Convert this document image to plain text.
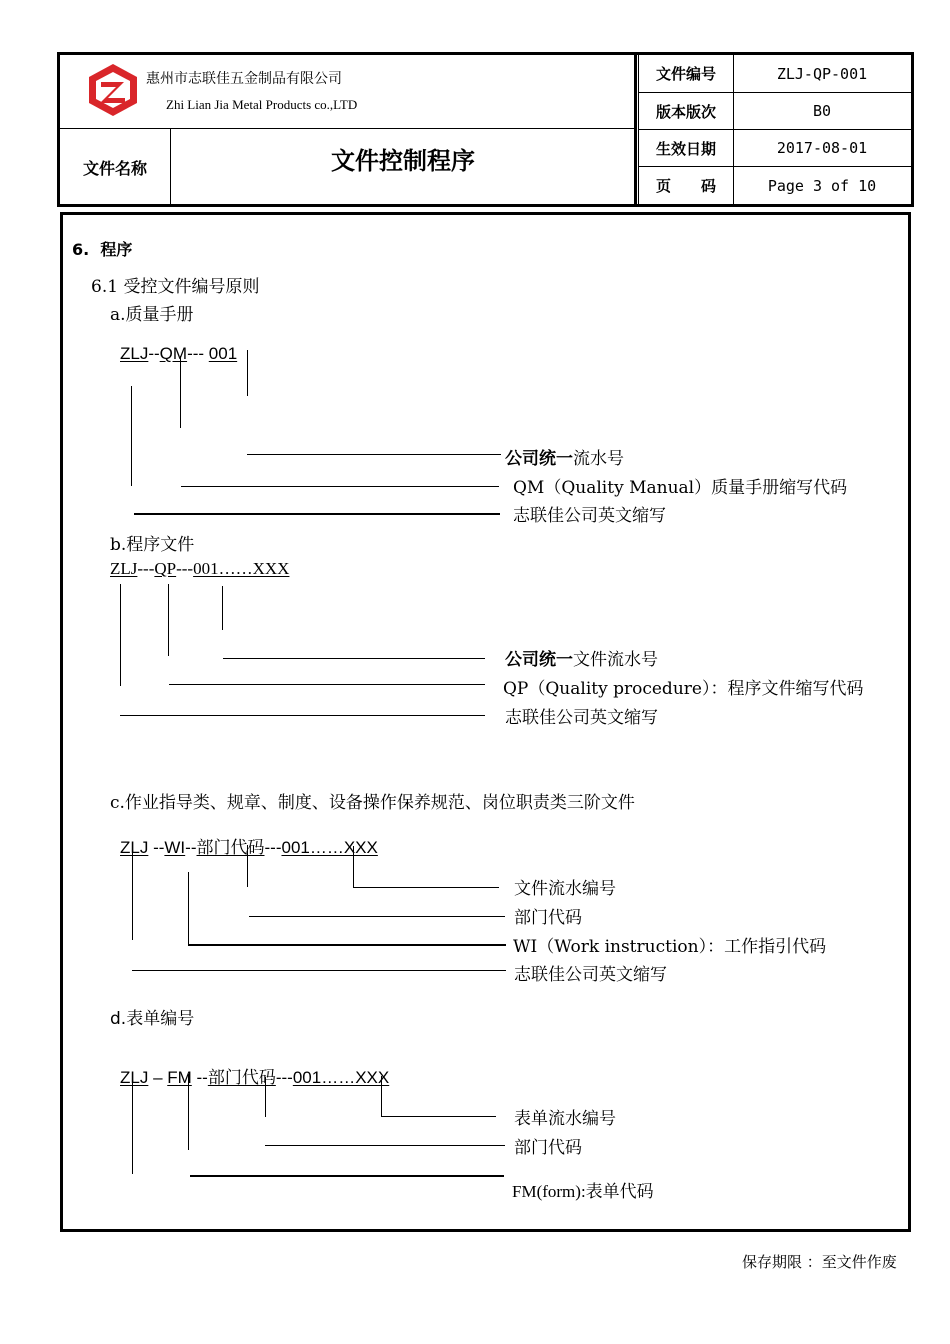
惠州市志联佳五金制品有限公司
Zhi Lian Jia Metal Products co.,LTD
文件名称	文件控制程序
文件编号
版本版次
生效日期
页　　码
ZLJ-QP-001
B0
2017-08-01
Page 3 of 10
6.  程序
6.1 受控文件编号原则
a.质量手册
ZLJ--QM--- 001
公司统一流水号
QM（Quality Manual）质量手册缩写代码
志联佳公司英文缩写
b.程序文件
ZLJ---QP---001……XXX
公司统一文件流水号
QP（Quality procedure）：程序文件缩写代码
志联佳公司英文缩写
c.作业指导类、规章、制度、设备操作保养规范、岗位职责类三阶文件
ZLJ --WI--部门代码---001……XXX
文件流水编号
部门代码
WI（Work instruction）：工作指引代码
志联佳公司英文缩写
d.表单编号
ZLJ – FM --部门代码---001……XXX
表单流水编号
部门代码
FM(form):表单代码
保存期限 ：至文件作废
